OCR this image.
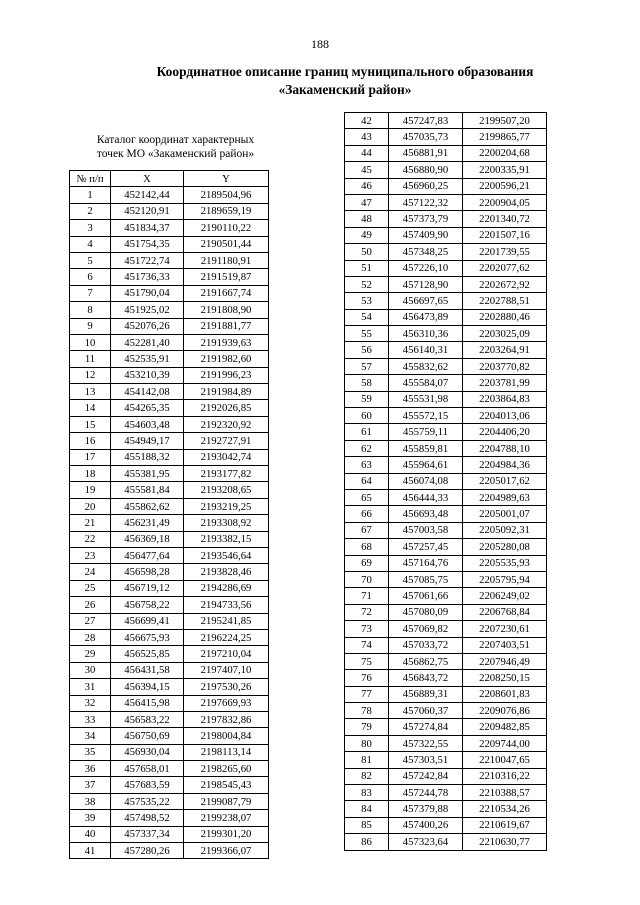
188
Координатное описание границ муниципального образования
«Закаменский район»
Каталог координат характерных
точек МО «Закаменский район»
№ п/п	X	Y
1	452142,44	2189504,96
2	452120,91	2189659,19
3	451834,37	2190110,22
4	451754,35	2190501,44
5	451722,74	2191180,91
6	451736,33	2191519,87
7	451790,04	2191667,74
8	451925,02	2191808,90
9	452076,26	2191881,77
10	452281,40	2191939,63
11	452535,91	2191982,60
12	453210,39	2191996,23
13	454142,08	2191984,89
14	454265,35	2192026,85
15	454603,48	2192320,92
16	454949,17	2192727,91
17	455188,32	2193042,74
18	455381,95	2193177,82
19	455581,84	2193208,65
20	455862,62	2193219,25
21	456231,49	2193308,92
22	456369,18	2193382,15
23	456477,64	2193546,64
24	456598,28	2193828,46
25	456719,12	2194286,69
26	456758,22	2194733,56
27	456699,41	2195241,85
28	456675,93	2196224,25
29	456525,85	2197210,04
30	456431,58	2197407,10
31	456394,15	2197530,26
32	456415,98	2197669,93
33	456583,22	2197832,86
34	456750,69	2198004,84
35	456930,04	2198113,14
36	457658,01	2198265,60
37	457683,59	2198545,43
38	457535,22	2199087,79
39	457498,52	2199238,07
40	457337,34	2199301,20
41	457280,26	2199366,07
42	457247,83	2199507,20
43	457035,73	2199865,77
44	456881,91	2200204,68
45	456880,90	2200335,91
46	456960,25	2200596,21
47	457122,32	2200904,05
48	457373,79	2201340,72
49	457409,90	2201507,16
50	457348,25	2201739,55
51	457226,10	2202077,62
52	457128,90	2202672,92
53	456697,65	2202788,51
54	456473,89	2202880,46
55	456310,36	2203025,09
56	456140,31	2203264,91
57	455832,62	2203770,82
58	455584,07	2203781,99
59	455531,98	2203864,83
60	455572,15	2204013,06
61	455759,11	2204406,20
62	455859,81	2204788,10
63	455964,61	2204984,36
64	456074,08	2205017,62
65	456444,33	2204989,63
66	456693,48	2205001,07
67	457003,58	2205092,31
68	457257,45	2205280,08
69	457164,76	2205535,93
70	457085,75	2205795,94
71	457061,66	2206249,02
72	457080,09	2206768,84
73	457069,82	2207230,61
74	457033,72	2207403,51
75	456862,75	2207946,49
76	456843,72	2208250,15
77	456889,31	2208601,83
78	457060,37	2209076,86
79	457274,84	2209482,85
80	457322,55	2209744,00
81	457303,51	2210047,65
82	457242,84	2210316,22
83	457244,78	2210388,57
84	457379,88	2210534,26
85	457400,26	2210619,67
86	457323,64	2210630,77
